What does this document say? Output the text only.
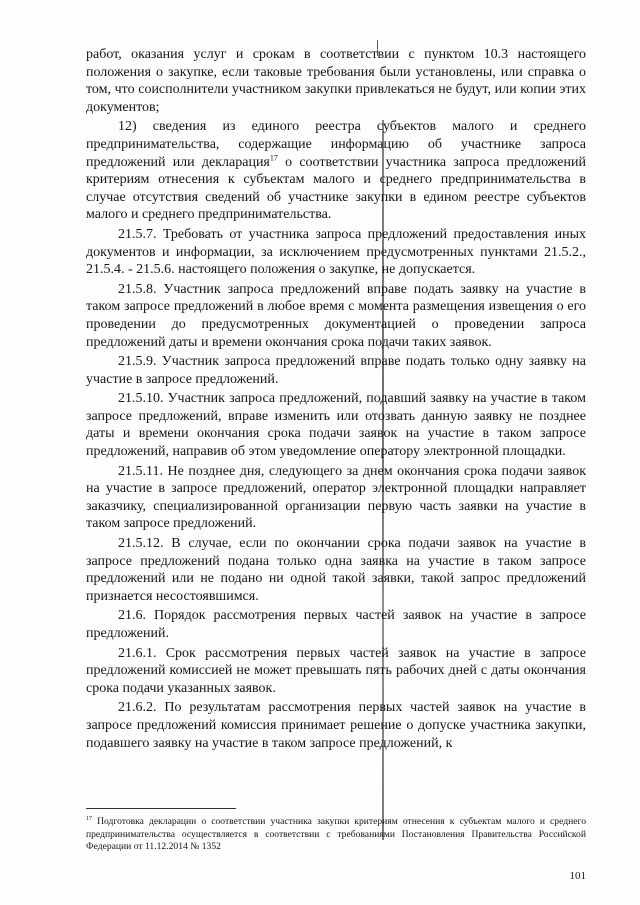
работ, оказания услуг и срокам в соответствии с пунктом 10.3 настоящего положения о закупке, если таковые требования были установлены, или справка о том, что соисполнители участником закупки привлекаться не будут, или копии этих документов;

12) сведения из единого реестра субъектов малого и среднего предпринимательства, содержащие информацию об участнике запроса предложений или декларация$^{17}$ о соответствии участника запроса предложений критериям отнесения к субъектам малого и среднего предпринимательства в случае отсутствия сведений об участнике закупки в едином реестре субъектов малого и среднего предпринимательства.

21.5.7. Требовать от участника запроса предложений предоставления иных документов и информации, за исключением предусмотренных пунктами 21.5.2., 21.5.4. - 21.5.6. настоящего положения о закупке, не допускается.

21.5.8. Участник запроса предложений вправе подать заявку на участие в таком запросе предложений в любое время с момента размещения извещения о его проведении до предусмотренных документацией о проведении запроса предложений даты и времени окончания срока подачи таких заявок.

21.5.9. Участник запроса предложений вправе подать только одну заявку на участие в запросе предложений.

21.5.10. Участник запроса предложений, подавший заявку на участие в таком запросе предложений, вправе изменить или отозвать данную заявку не позднее даты и времени окончания срока подачи заявок на участие в таком запросе предложений, направив об этом уведомление оператору электронной площадки.

21.5.11. Не позднее дня, следующего за днем окончания срока подачи заявок на участие в запросе предложений, оператор электронной площадки направляет заказчику, специализированной организации первую часть заявки на участие в таком запросе предложений.

21.5.12. В случае, если по окончании срока подачи заявок на участие в запросе предложений подана только одна заявка на участие в таком запросе предложений или не подано ни одной такой заявки, такой запрос предложений признается несостоявшимся.

21.6. Порядок рассмотрения первых частей заявок на участие в запросе предложений.

21.6.1. Срок рассмотрения первых частей заявок на участие в запросе предложений комиссией не может превышать пять рабочих дней с даты окончания срока подачи указанных заявок.

21.6.2. По результатам рассмотрения первых частей заявок на участие в запросе предложений комиссия принимает решение о допуске участника закупки, подавшего заявку на участие в таком запросе предложений, к

$^{17}$ Подготовка декларации о соответствии участника закупки критериям отнесения к субъектам малого и среднего предпринимательства осуществляется в соответствии с требованиями Постановления Правительства Российской Федерации от 11.12.2014 № 1352
101
